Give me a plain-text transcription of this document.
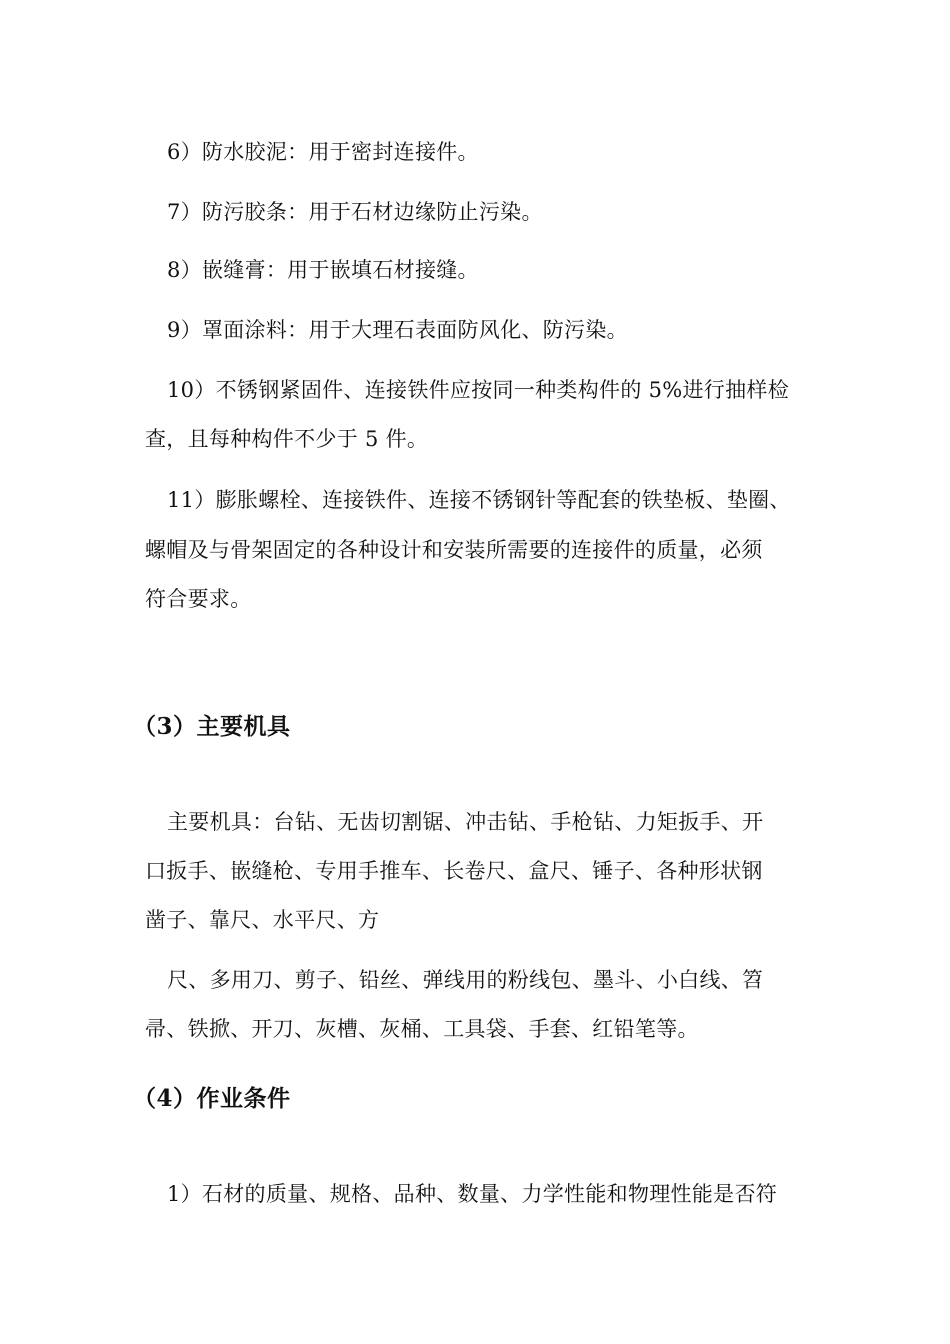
6）防水胶泥：用于密封连接件。
7）防污胶条：用于石材边缘防止污染。
8）嵌缝膏：用于嵌填石材接缝。
9）罩面涂料：用于大理石表面防风化、防污染。
10）不锈钢紧固件、连接铁件应按同一种类构件的 5%进行抽样检
查，且每种构件不少于 5 件。
11）膨胀螺栓、连接铁件、连接不锈钢针等配套的铁垫板、垫圈、
螺帽及与骨架固定的各种设计和安装所需要的连接件的质量，必须
符合要求。
（3）主要机具
主要机具：台钻、无齿切割锯、冲击钻、手枪钻、力矩扳手、开
口扳手、嵌缝枪、专用手推车、长卷尺、盒尺、锤子、各种形状钢
凿子、靠尺、水平尺、方
尺、多用刀、剪子、铅丝、弹线用的粉线包、墨斗、小白线、笤
帚、铁掀、开刀、灰槽、灰桶、工具袋、手套、红铅笔等。
（4）作业条件
1）石材的质量、规格、品种、数量、力学性能和物理性能是否符
